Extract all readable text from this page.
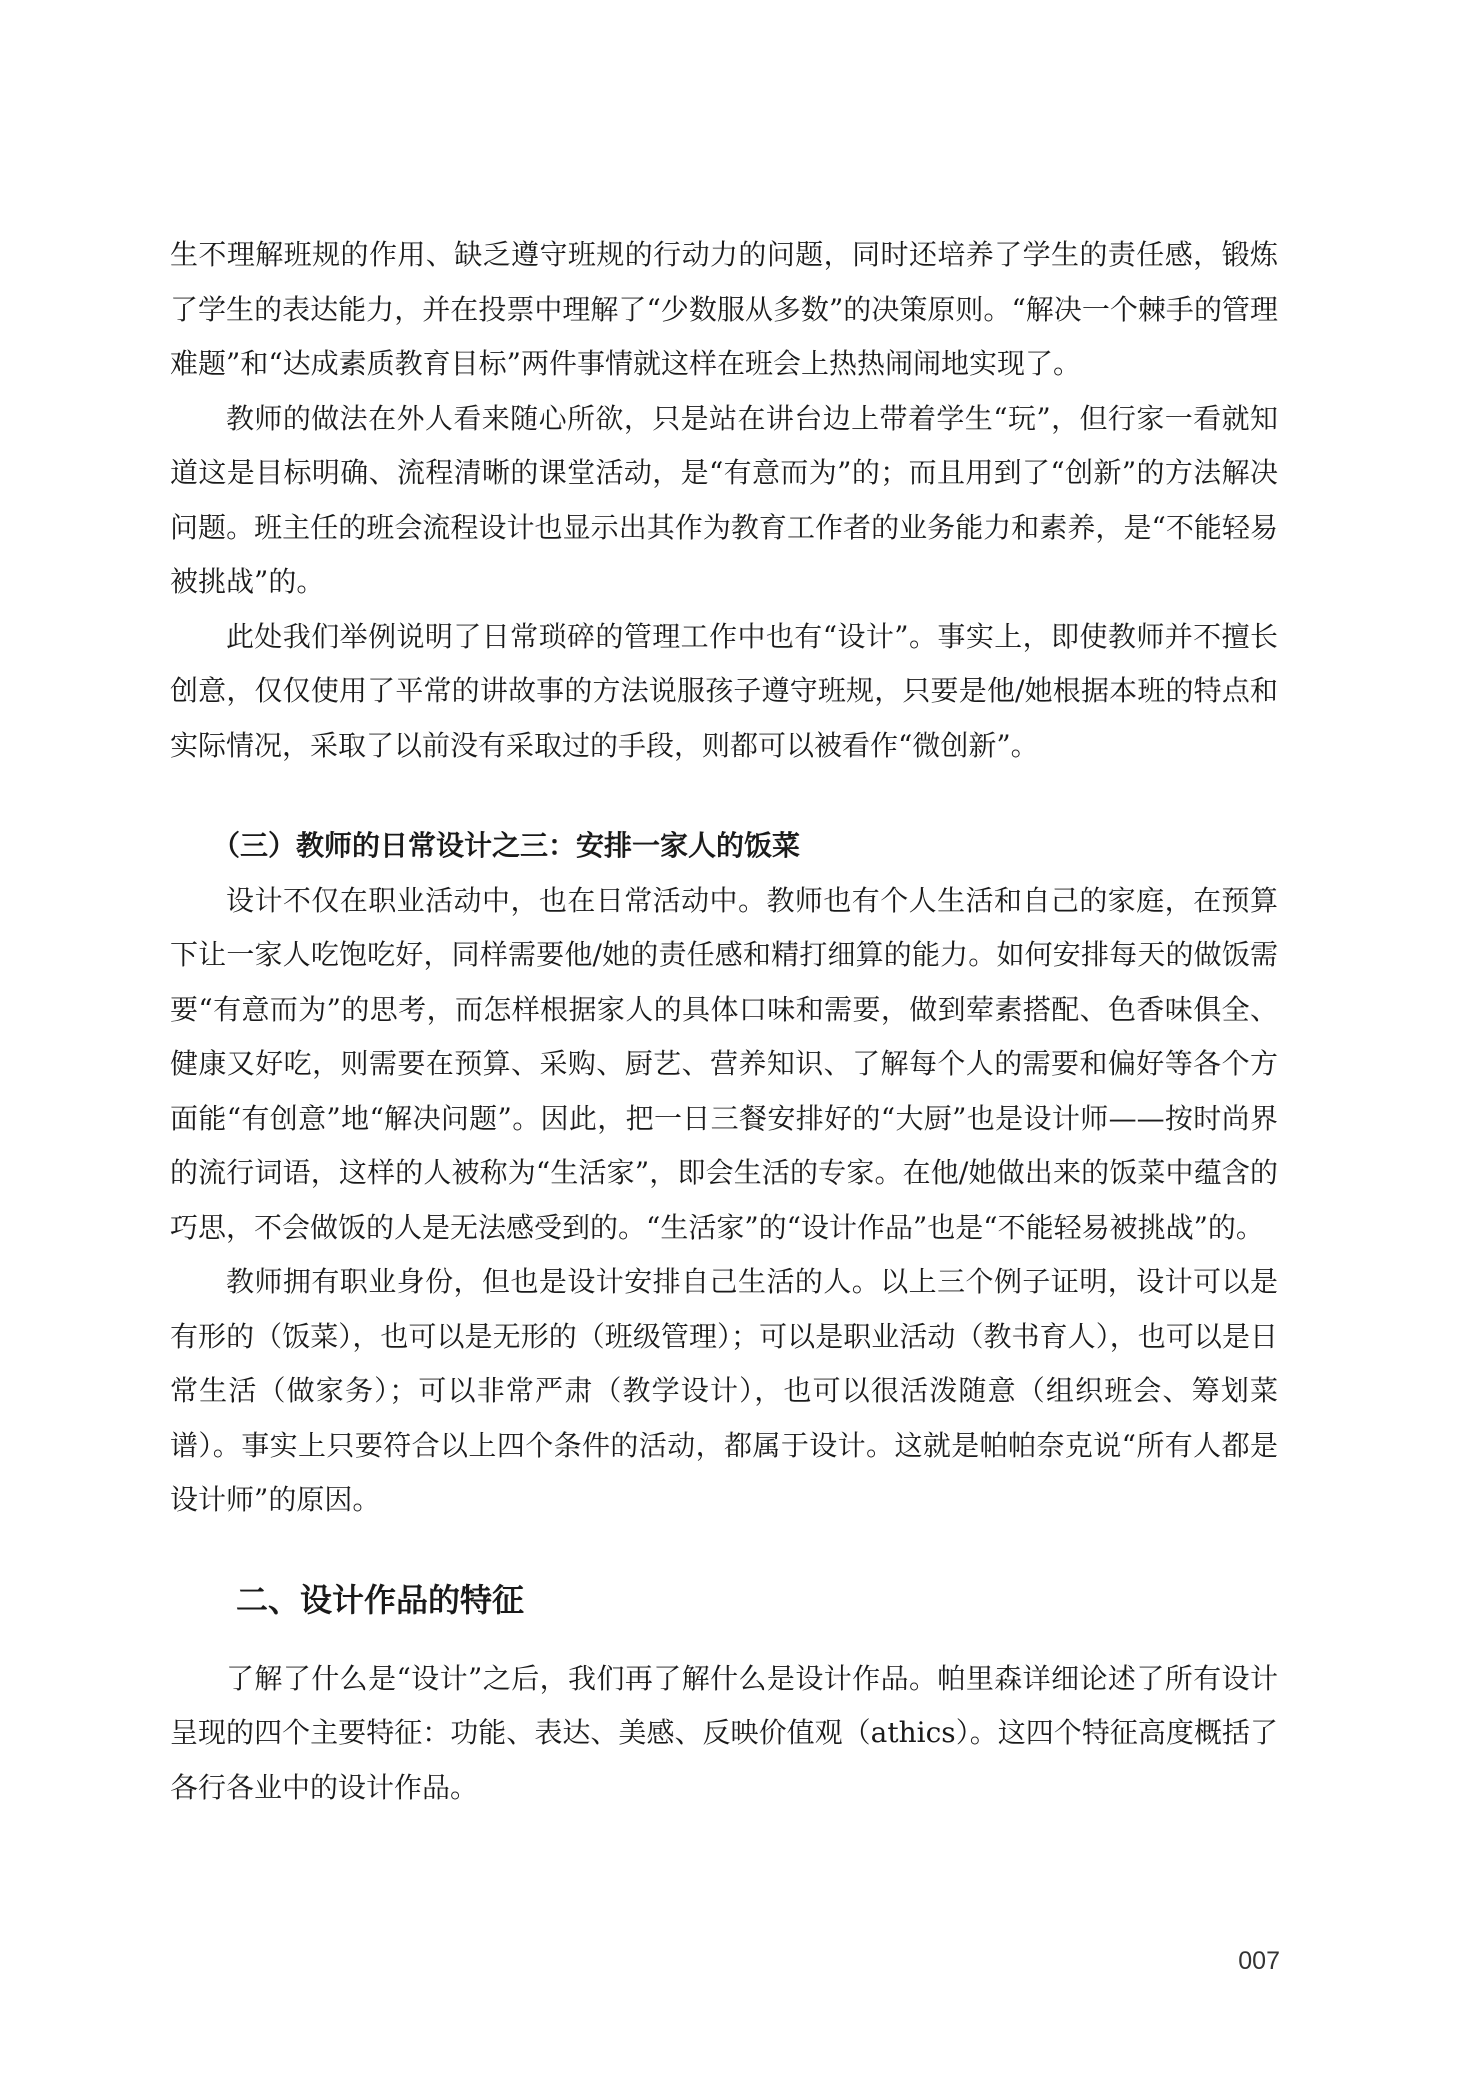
生不理解班规的作用、缺乏遵守班规的行动力的问题，同时还培养了学生的责任感，锻炼了学生的表达能力，并在投票中理解了“少数服从多数”的决策原则。“解决一个棘手的管理难题”和“达成素质教育目标”两件事情就这样在班会上热热闹闹地实现了。

教师的做法在外人看来随心所欲，只是站在讲台边上带着学生“玩”，但行家一看就知道这是目标明确、流程清晰的课堂活动，是“有意而为”的；而且用到了“创新”的方法解决问题。班主任的班会流程设计也显示出其作为教育工作者的业务能力和素养，是“不能轻易被挑战”的。

此处我们举例说明了日常琐碎的管理工作中也有“设计”。事实上，即使教师并不擅长创意，仅仅使用了平常的讲故事的方法说服孩子遵守班规，只要是他/她根据本班的特点和实际情况，采取了以前没有采取过的手段，则都可以被看作“微创新”。

（三）教师的日常设计之三：安排一家人的饭菜

设计不仅在职业活动中，也在日常活动中。教师也有个人生活和自己的家庭，在预算下让一家人吃饱吃好，同样需要他/她的责任感和精打细算的能力。如何安排每天的做饭需要“有意而为”的思考，而怎样根据家人的具体口味和需要，做到荤素搭配、色香味俱全、健康又好吃，则需要在预算、采购、厨艺、营养知识、了解每个人的需要和偏好等各个方面能“有创意”地“解决问题”。因此，把一日三餐安排好的“大厨”也是设计师——按时尚界的流行词语，这样的人被称为“生活家”，即会生活的专家。在他/她做出来的饭菜中蕴含的巧思，不会做饭的人是无法感受到的。“生活家”的“设计作品”也是“不能轻易被挑战”的。

教师拥有职业身份，但也是设计安排自己生活的人。以上三个例子证明，设计可以是有形的（饭菜），也可以是无形的（班级管理）；可以是职业活动（教书育人），也可以是日常生活（做家务）；可以非常严肃（教学设计），也可以很活泼随意（组织班会、筹划菜谱）。事实上只要符合以上四个条件的活动，都属于设计。这就是帕帕奈克说“所有人都是设计师”的原因。

二、设计作品的特征

了解了什么是“设计”之后，我们再了解什么是设计作品。帕里森详细论述了所有设计呈现的四个主要特征：功能、表达、美感、反映价值观（athics）。这四个特征高度概括了各行各业中的设计作品。

007
